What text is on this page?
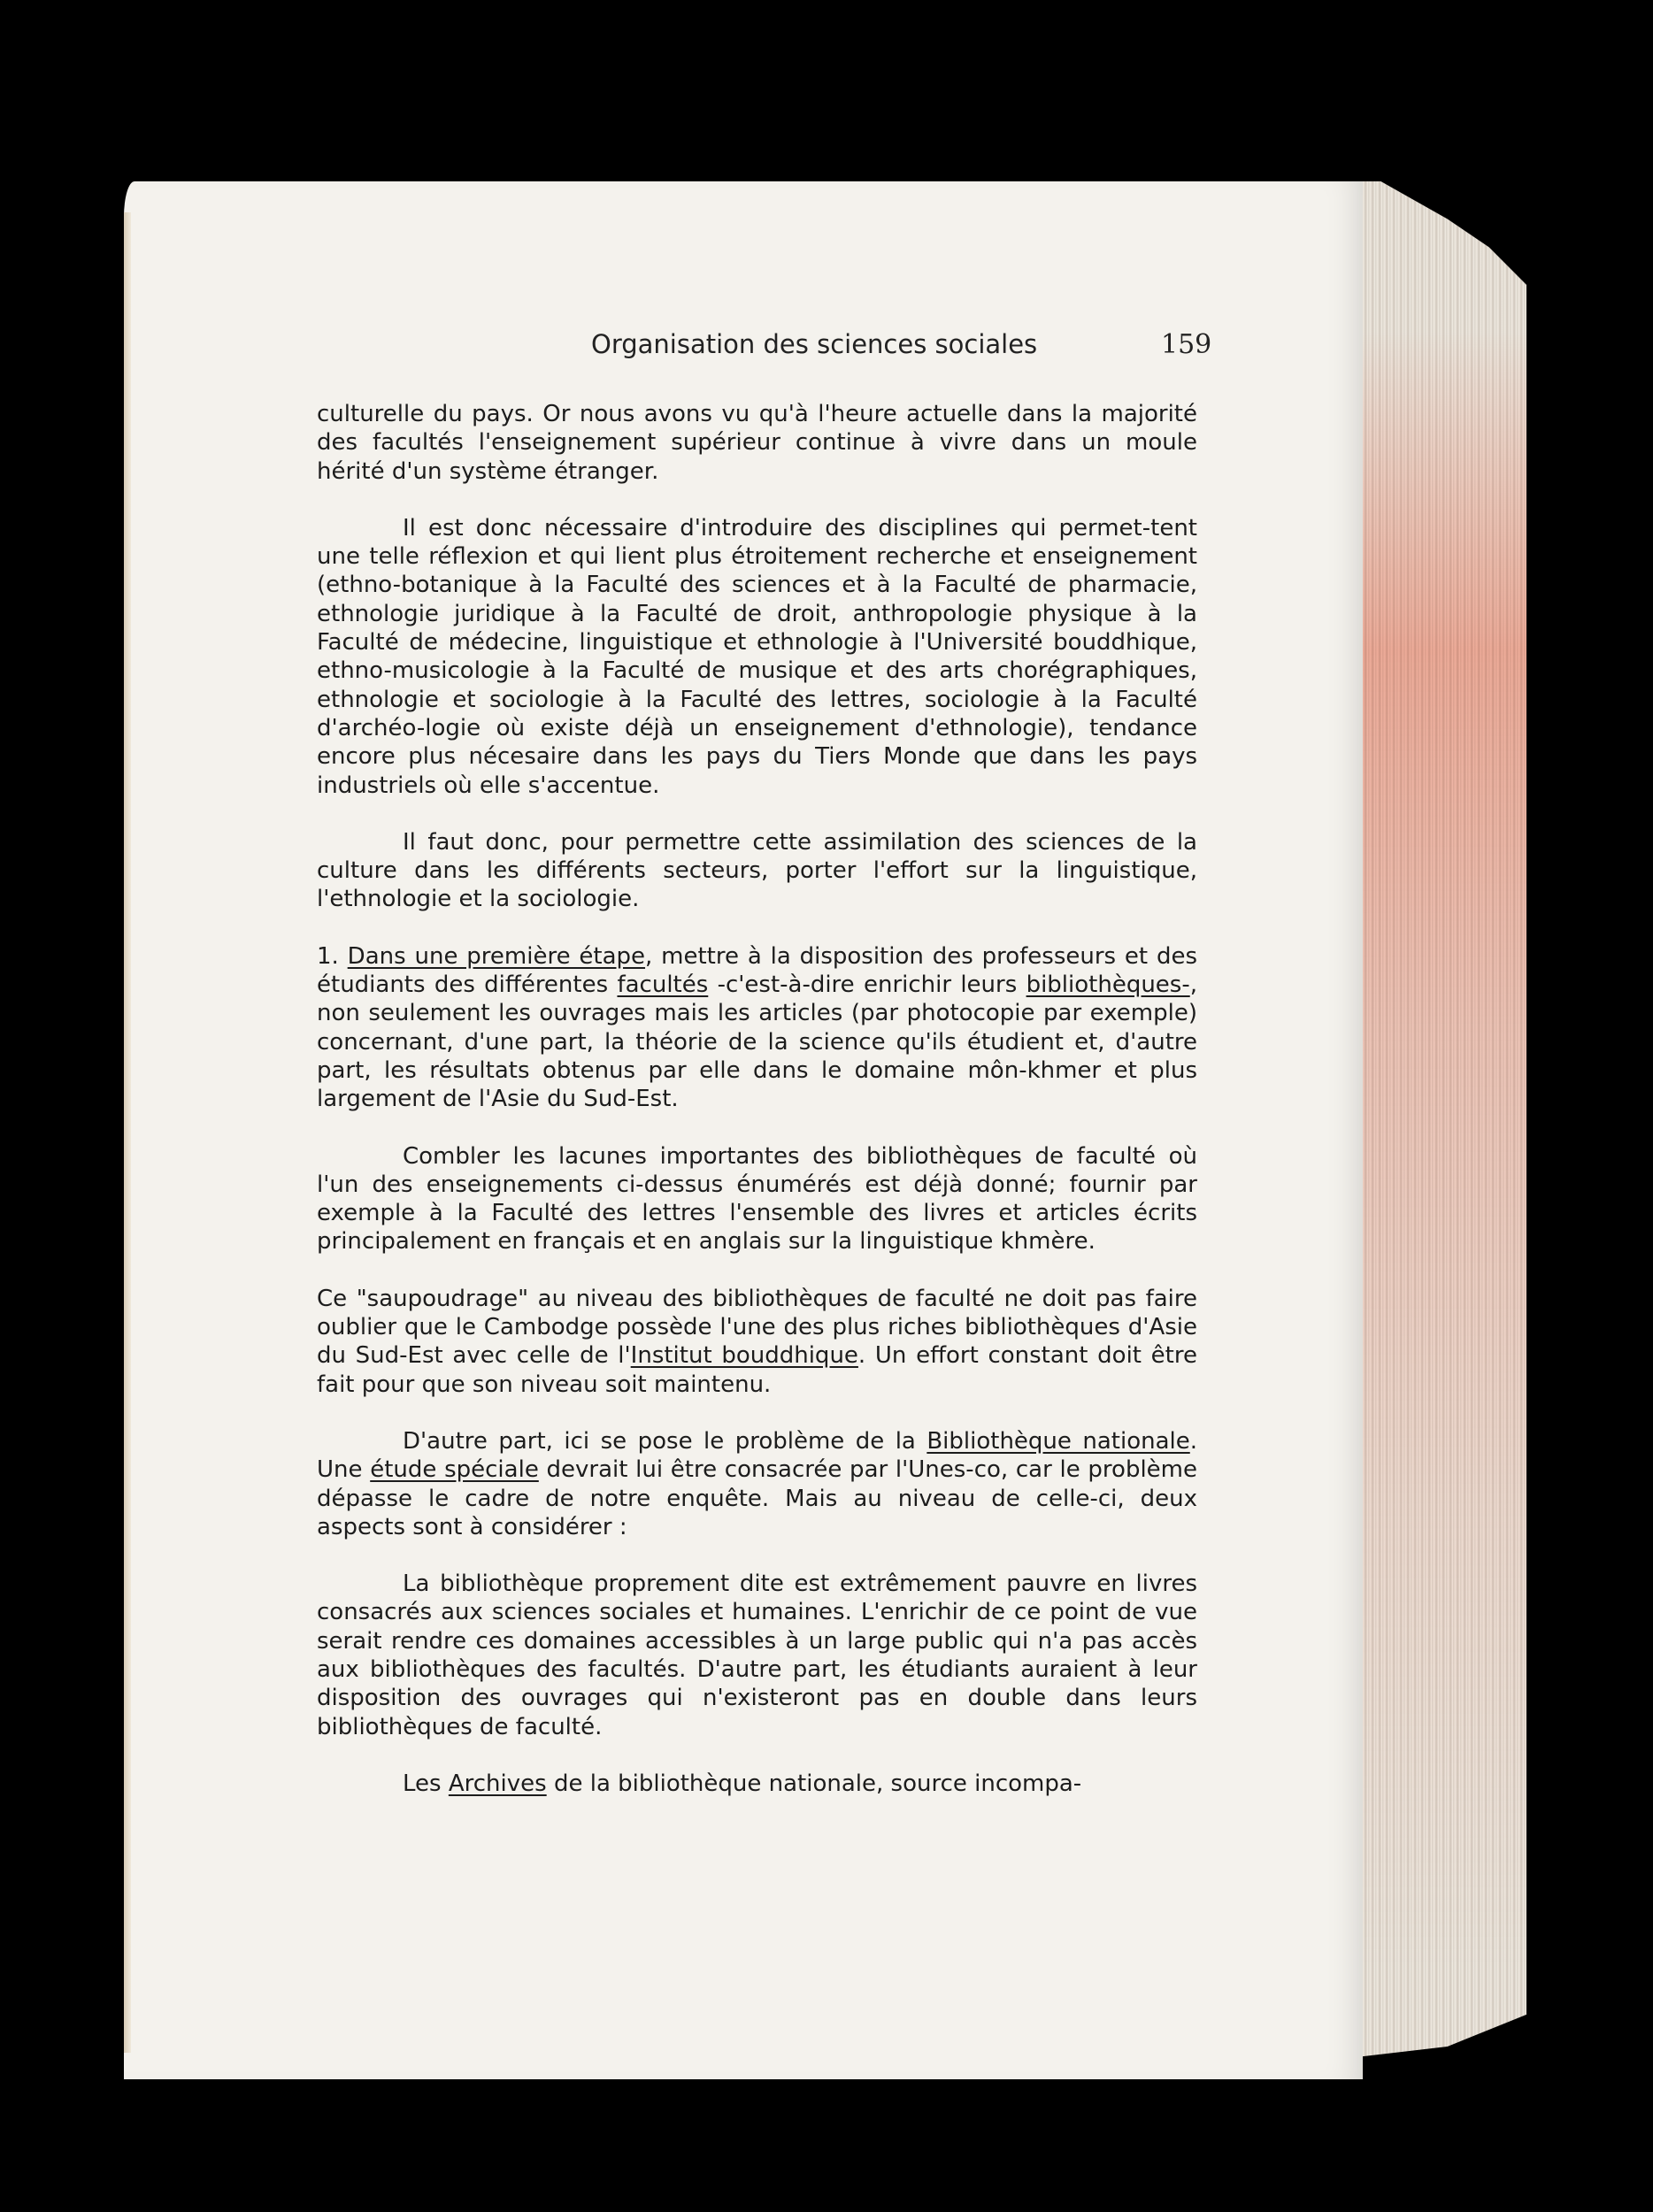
Organisation des sciences sociales	159

culturelle du pays. Or nous avons vu qu'à l'heure actuelle dans la majorité des facultés l'enseignement supérieur continue à vivre dans un moule hérité d'un système étranger.

Il est donc nécessaire d'introduire des disciplines qui permet-tent une telle réflexion et qui lient plus étroitement recherche et enseignement (ethno-botanique à la Faculté des sciences et à la Faculté de pharmacie, ethnologie juridique à la Faculté de droit, anthropologie physique à la Faculté de médecine, linguistique et ethnologie à l'Université bouddhique, ethno-musicologie à la Faculté de musique et des arts chorégraphiques, ethnologie et sociologie à la Faculté des lettres, sociologie à la Faculté d'archéo-logie où existe déjà un enseignement d'ethnologie), tendance encore plus nécesaire dans les pays du Tiers Monde que dans les pays industriels où elle s'accentue.

Il faut donc, pour permettre cette assimilation des sciences de la culture dans les différents secteurs, porter l'effort sur la linguistique, l'ethnologie et la sociologie.

1. Dans une première étape, mettre à la disposition des professeurs et des étudiants des différentes facultés -c'est-à-dire enrichir leurs bibliothèques-, non seulement les ouvrages mais les articles (par photocopie par exemple) concernant, d'une part, la théorie de la science qu'ils étudient et, d'autre part, les résultats obtenus par elle dans le domaine môn-khmer et plus largement de l'Asie du Sud-Est.

Combler les lacunes importantes des bibliothèques de faculté où l'un des enseignements ci-dessus énumérés est déjà donné; fournir par exemple à la Faculté des lettres l'ensemble des livres et articles écrits principalement en français et en anglais sur la linguistique khmère.

Ce "saupoudrage" au niveau des bibliothèques de faculté ne doit pas faire oublier que le Cambodge possède l'une des plus riches bibliothèques d'Asie du Sud-Est avec celle de l'Institut bouddhique. Un effort constant doit être fait pour que son niveau soit maintenu.

D'autre part, ici se pose le problème de la Bibliothèque nationale. Une étude spéciale devrait lui être consacrée par l'Unes-co, car le problème dépasse le cadre de notre enquête. Mais au niveau de celle-ci, deux aspects sont à considérer :

La bibliothèque proprement dite est extrêmement pauvre en livres consacrés aux sciences sociales et humaines. L'enrichir de ce point de vue serait rendre ces domaines accessibles à un large public qui n'a pas accès aux bibliothèques des facultés. D'autre part, les étudiants auraient à leur disposition des ouvrages qui n'existeront pas en double dans leurs bibliothèques de faculté.

Les Archives de la bibliothèque nationale, source incompa-
